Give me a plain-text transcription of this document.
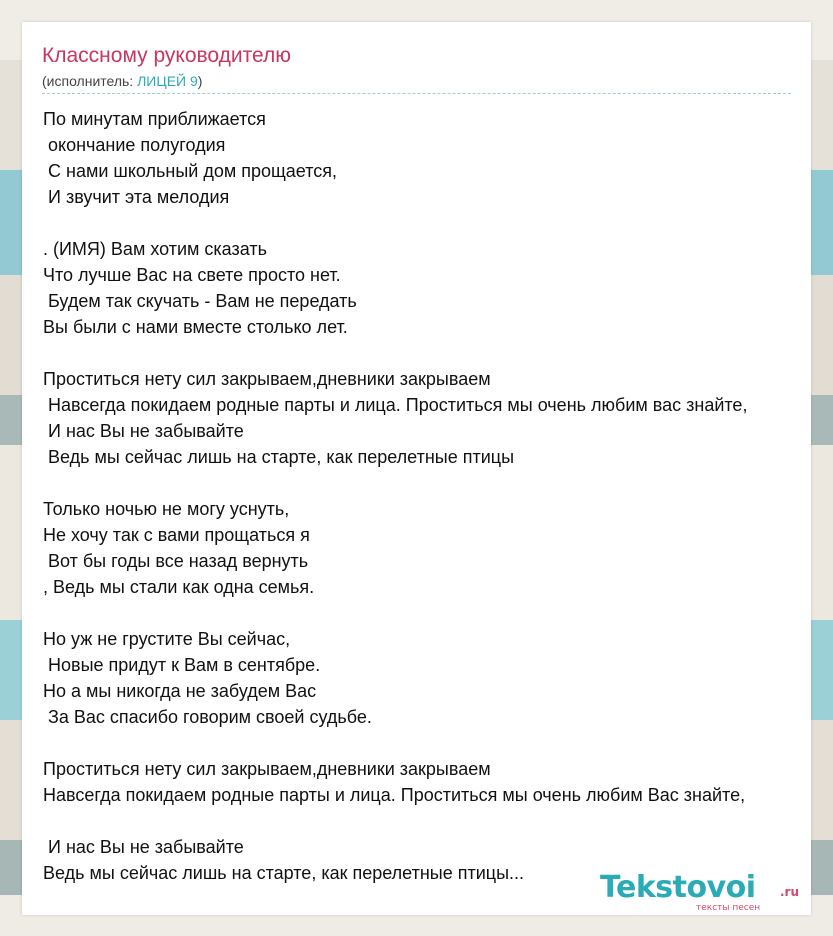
Классному руководителю
(исполнитель: ЛИЦЕЙ 9)
По минутам приближается
окончание полугодия
С нами школьный дом прощается,
И звучит эта мелодия
. (ИМЯ) Вам хотим сказать
Что лучше Вас на свете просто нет.
Будем так скучать - Вам не передать
Вы были с нами вместе столько лет.
Проститься нету сил закрываем,дневники закрываем
Навсегда покидаем родные парты и лица. Проститься мы очень любим вас знайте,
И нас Вы не забывайте
Ведь мы сейчас лишь на старте, как перелетные птицы
Только ночью не могу уснуть,
Не хочу так с вами прощаться я
Вот бы годы все назад вернуть
, Ведь мы стали как одна семья.
Но уж не грустите Вы сейчас,
Новые придут к Вам в сентябре.
Но а мы никогда не забудем Вас
За Вас спасибо говорим своей судьбе.
Проститься нету сил закрываем,дневники закрываем
Навсегда покидаем родные парты и лица. Проститься мы очень любим Вас знайте,
И нас Вы не забывайте
Ведь мы сейчас лишь на старте, как перелетные птицы...	Tekstovoi .ru
тексты песен
